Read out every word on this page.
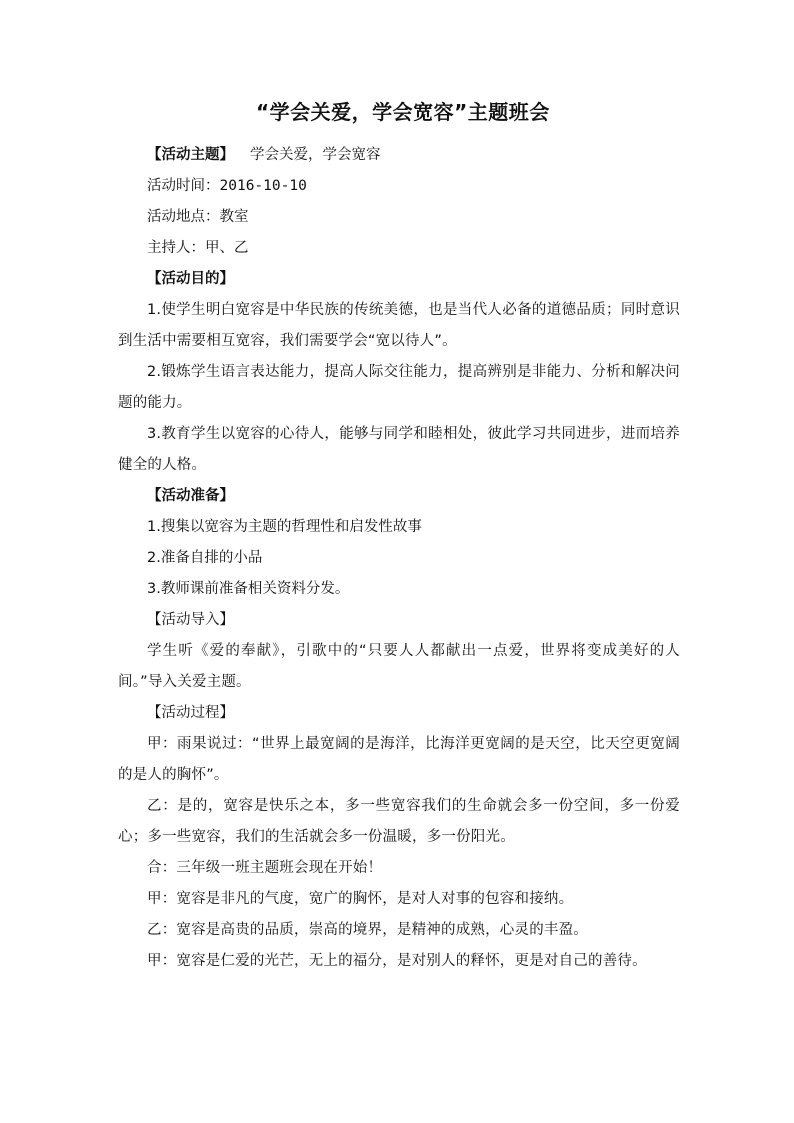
“学会关爱，学会宽容”主题班会
【活动主题】 学会关爱，学会宽容
活动时间：2016-10-10
活动地点：教室
主持人：甲、乙
【活动目的】
1.使学生明白宽容是中华民族的传统美德，也是当代人必备的道德品质；同时意识到生活中需要相互宽容，我们需要学会“宽以待人”。
2.锻炼学生语言表达能力，提高人际交往能力，提高辨别是非能力、分析和解决问题的能力。
3.教育学生以宽容的心待人，能够与同学和睦相处，彼此学习共同进步，进而培养健全的人格。
【活动准备】
1.搜集以宽容为主题的哲理性和启发性故事
2.准备自排的小品
3.教师课前准备相关资料分发。
【活动导入】
学生听《爱的奉献》，引歌中的“只要人人都献出一点爱，世界将变成美好的人间。”导入关爱主题。
【活动过程】
甲：雨果说过：“世界上最宽阔的是海洋，比海洋更宽阔的是天空，比天空更宽阔的是人的胸怀”。
乙：是的，宽容是快乐之本，多一些宽容我们的生命就会多一份空间，多一份爱心；多一些宽容，我们的生活就会多一份温暖，多一份阳光。
合：三年级一班主题班会现在开始！
甲：宽容是非凡的气度，宽广的胸怀，是对人对事的包容和接纳。
乙：宽容是高贵的品质，崇高的境界，是精神的成熟，心灵的丰盈。
甲：宽容是仁爱的光芒，无上的福分，是对别人的释怀，更是对自己的善待。
